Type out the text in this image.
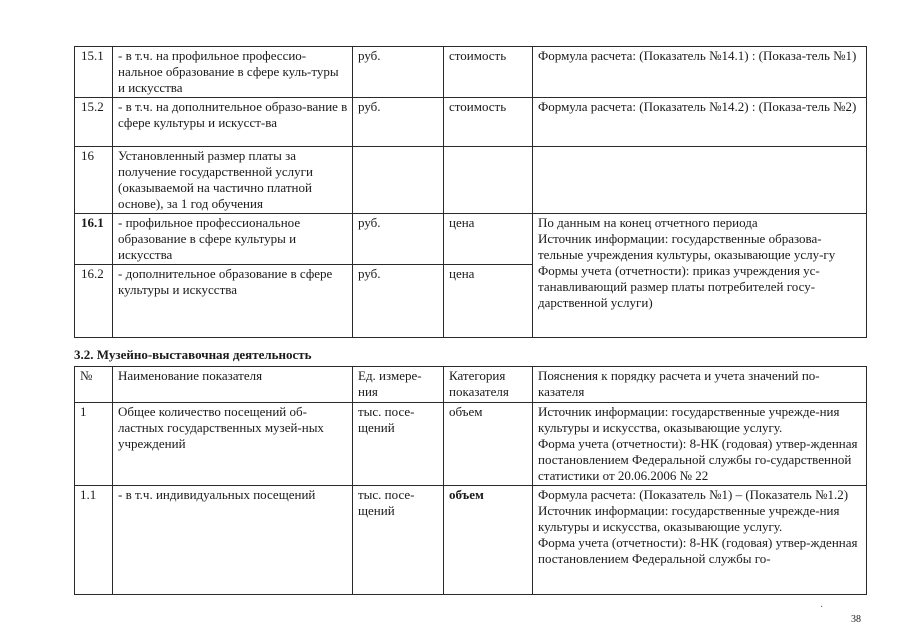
15.1	- в т.ч. на профильное профессио-нальное образование в сфере куль-туры и искусства	руб.	стоимость	Формула расчета: (Показатель №14.1) : (Показа-тель №1)
15.2	- в т.ч. на дополнительное образо-вание в сфере культуры и искусст-ва	руб.	стоимость	Формула расчета: (Показатель №14.2) : (Показа-тель №2)
16	Установленный размер платы за получение государственной услуги (оказываемой на частично платной основе), за 1 год обучения			
16.1	- профильное профессиональное образование в сфере культуры и искусства	руб.	цена	По данным на конец отчетного периода
Источник информации: государственные образова-тельные учреждения культуры, оказывающие услу-гу
Формы учета (отчетности): приказ учреждения ус-танавливающий размер платы потребителей госу-дарственной услуги)
16.2	- дополнительное образование в сфере культуры и искусства	руб.	цена	
3.2. Музейно-выставочная деятельность
№	Наименование показателя	Ед. измере-ния	Категория показателя	Пояснения к порядку расчета и учета значений по-казателя
1	Общее количество посещений об-ластных государственных музей-ных учреждений	тыс. посе-щений	объем	Источник информации: государственные учрежде-ния культуры и искусства, оказывающие услугу.
Форма учета (отчетности): 8-НК (годовая) утвер-жденная постановлением Федеральной службы го-сударственной статистики от 20.06.2006 № 22
1.1	- в т.ч. индивидуальных посещений	тыс. посе-щений	объем	Формула расчета: (Показатель №1) – (Показатель №1.2)
Источник информации: государственные учрежде-ния культуры и искусства, оказывающие услугу.
Форма учета (отчетности): 8-НК (годовая) утвер-жденная постановлением Федеральной службы го-
38
·
